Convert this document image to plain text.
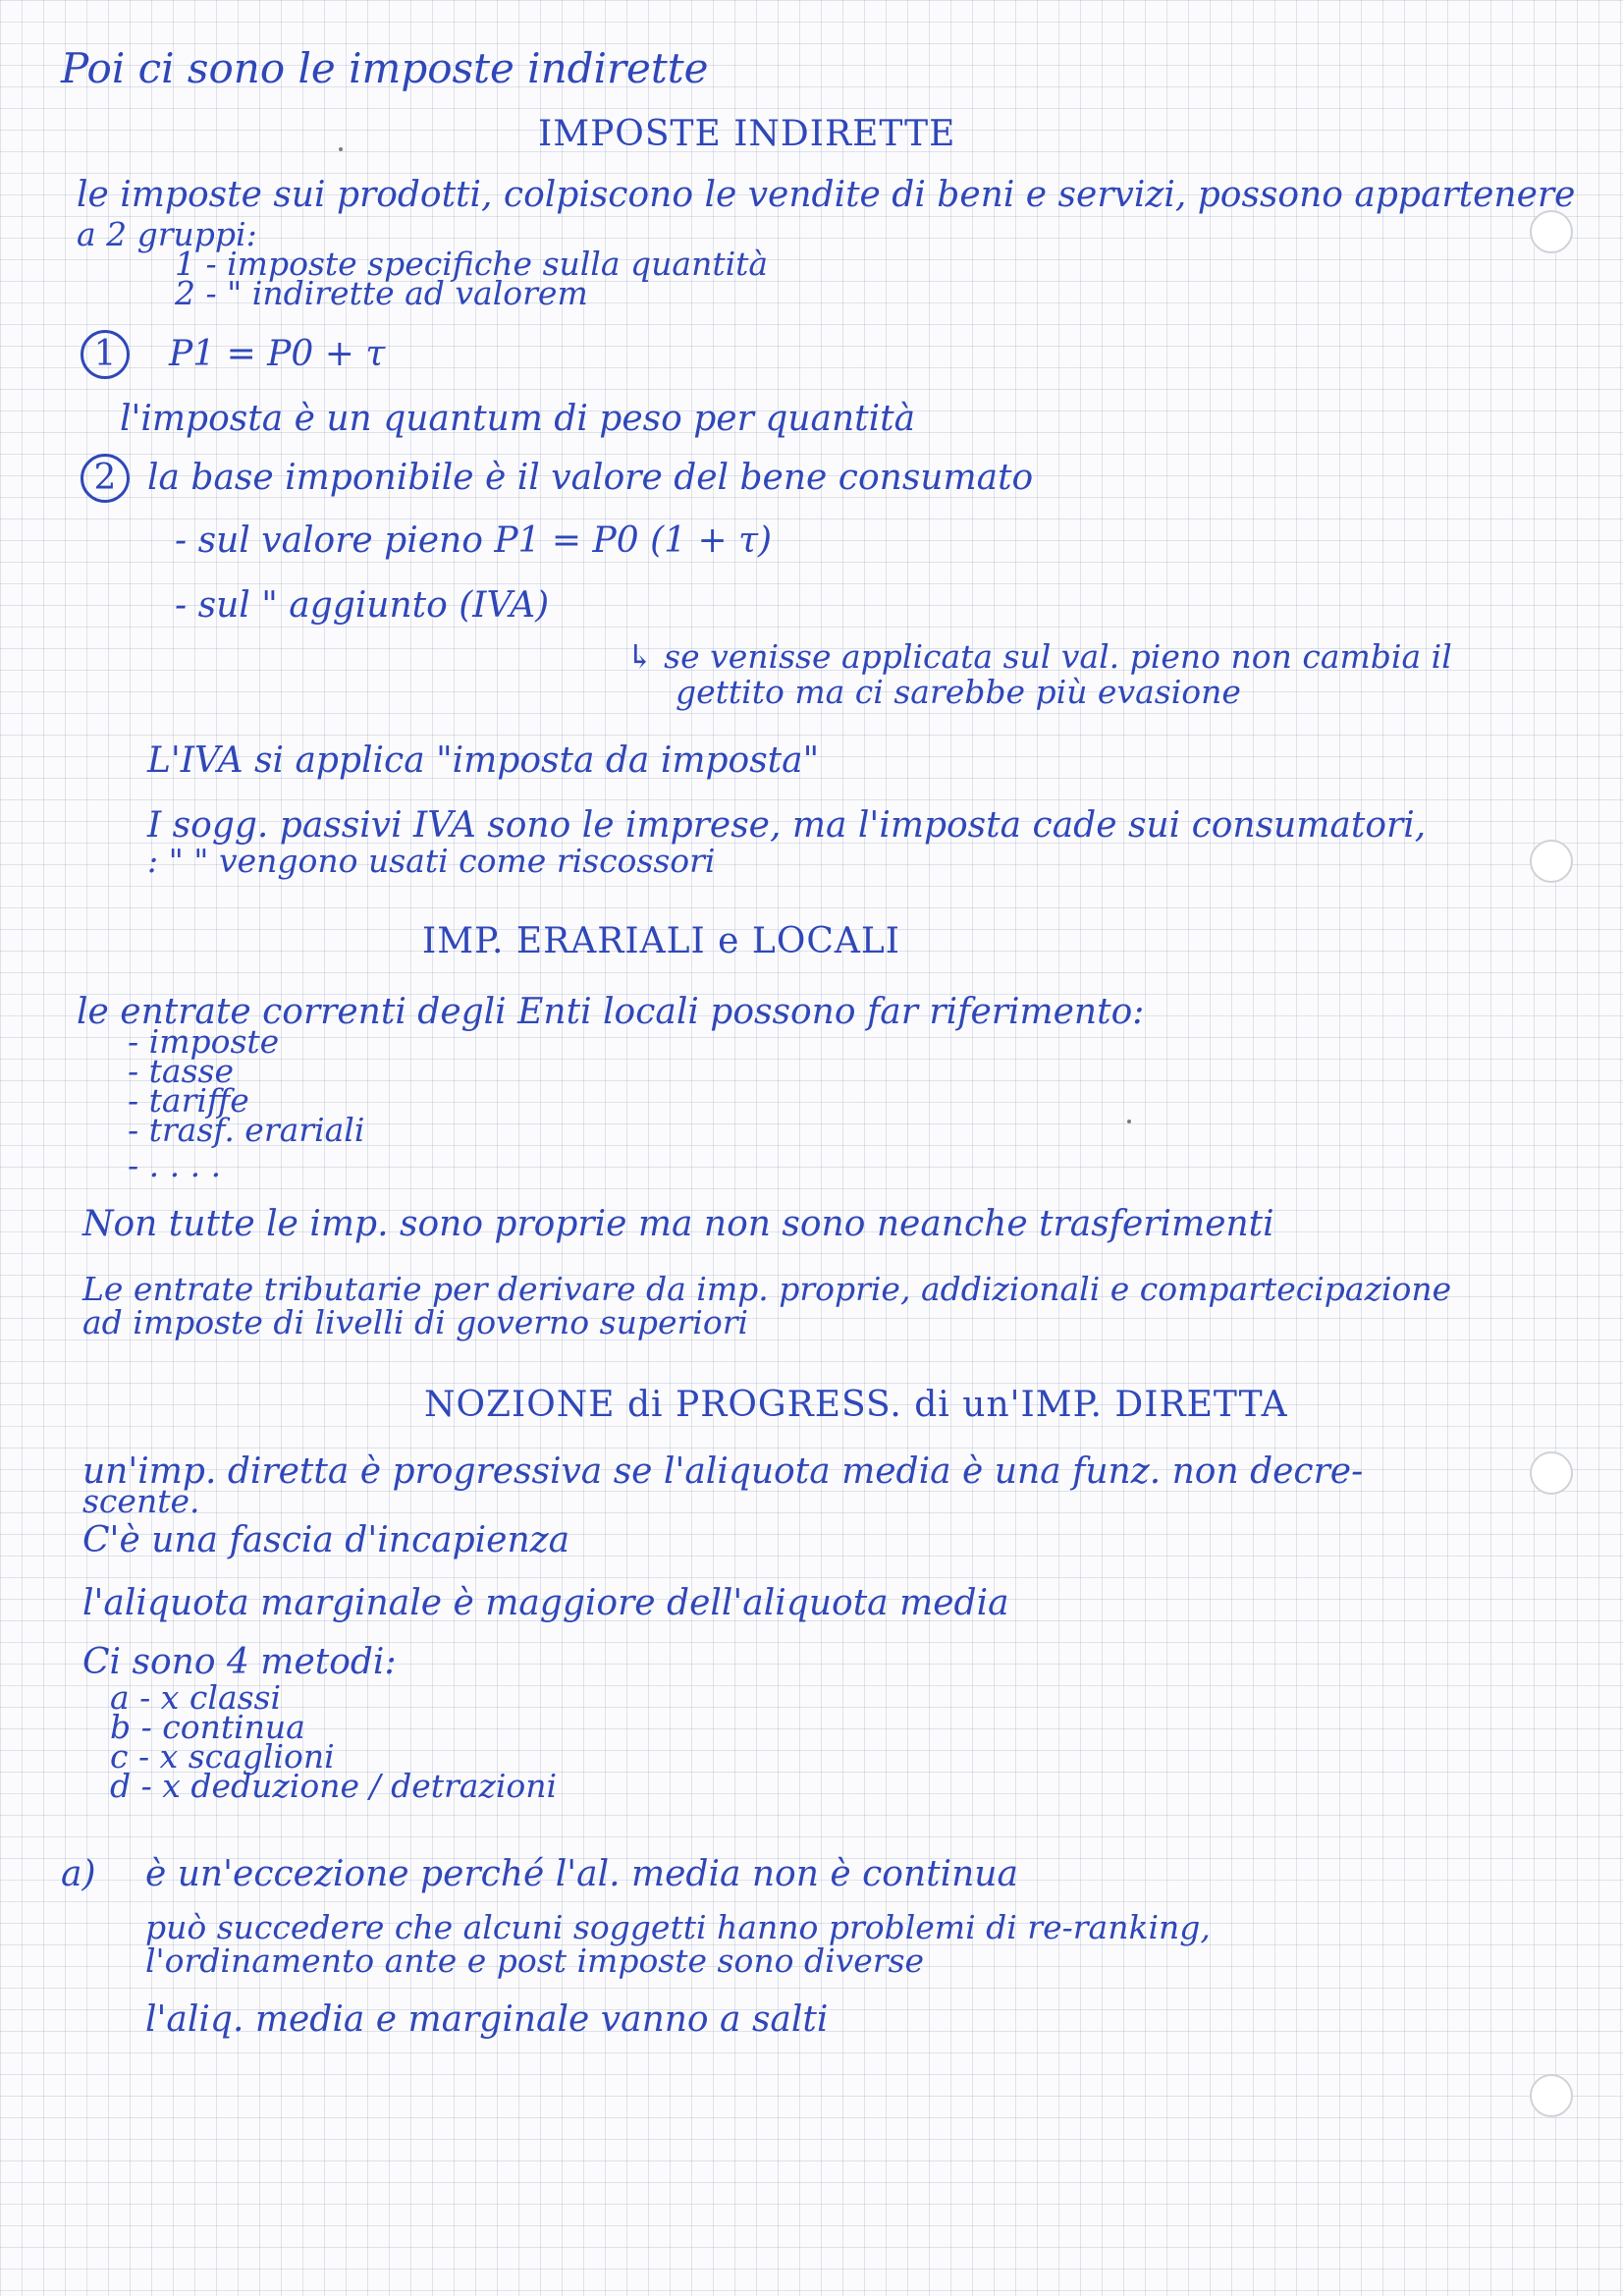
Poi ci sono le imposte indirette
IMPOSTE INDIRETTE
le imposte sui prodotti, colpiscono le vendite di beni e servizi, possono appartenere
a 2 gruppi:
1 - imposte specifiche sulla quantità
2 - " indirette ad valorem
1 P1 = P0 + τ
l'imposta è un quantum di peso per quantità
2 la base imponibile è il valore del bene consumato
- sul valore pieno P1 = P0 (1 + τ)
- sul " aggiunto (IVA)
↳ se venisse applicata sul val. pieno non cambia il
gettito ma ci sarebbe più evasione
L'IVA si applica "imposta da imposta"
I sogg. passivi IVA sono le imprese, ma l'imposta cade sui consumatori,
: " " vengono usati come riscossori
IMP. ERARIALI e LOCALI
le entrate correnti degli Enti locali possono far riferimento:
- imposte
- tasse
- tariffe
- trasf. erariali
- . . . .
Non tutte le imp. sono proprie ma non sono neanche trasferimenti
Le entrate tributarie per derivare da imp. proprie, addizionali e compartecipazione
ad imposte di livelli di governo superiori
NOZIONE di PROGRESS. di un'IMP. DIRETTA
un'imp. diretta è progressiva se l'aliquota media è una funz. non decre-
scente.
C'è una fascia d'incapienza
l'aliquota marginale è maggiore dell'aliquota media
Ci sono 4 metodi:
a - x classi
b - continua
c - x scaglioni
d - x deduzione / detrazioni
a) è un'eccezione perché l'al. media non è continua
può succedere che alcuni soggetti hanno problemi di re-ranking,
l'ordinamento ante e post imposte sono diverse
l'aliq. media e marginale vanno a salti
